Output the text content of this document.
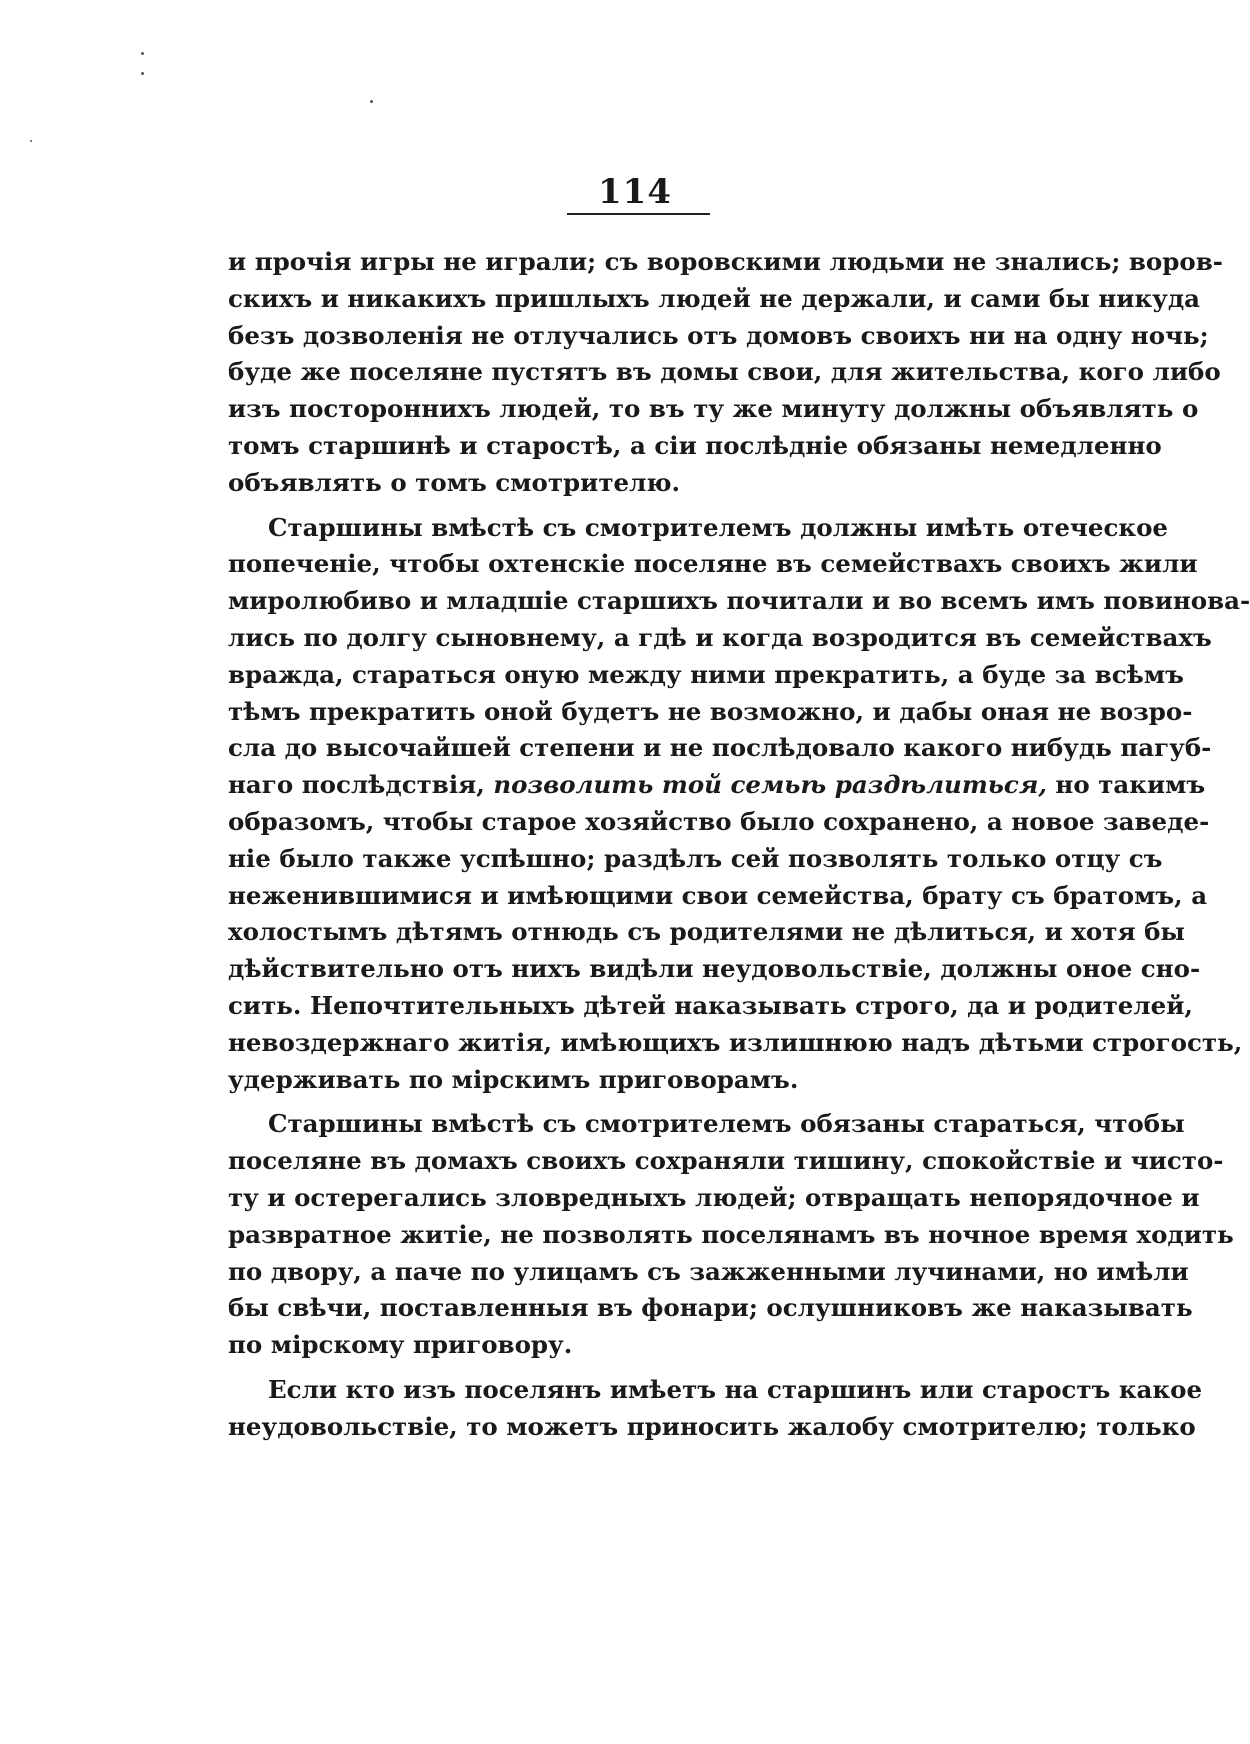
114
и прочія игры не играли; съ воровскими людьми не знались; воров-
скихъ и никакихъ пришлыхъ людей не держали, и сами бы никуда
безъ дозволенія не отлучались отъ домовъ своихъ ни на одну ночь;
буде же поселяне пустятъ въ домы свои, для жительства, кого либо
изъ постороннихъ людей, то въ ту же минуту должны объявлять о
томъ старшинѣ и старостѣ, а сіи послѣдніе обязаны немедленно
объявлять о томъ смотрителю.
Старшины вмѣстѣ съ смотрителемъ должны имѣть отеческое
попеченіе, чтобы охтенскіе поселяне въ семействахъ своихъ жили
миролюбиво и младшіе старшихъ почитали и во всемъ имъ повинова-
лись по долгу сыновнему, а гдѣ и когда возродится въ семействахъ
вражда, стараться оную между ними прекратить, а буде за всѣмъ
тѣмъ прекратить оной будетъ не возможно, и дабы оная не возро-
сла до высочайшей степени и не послѣдовало какого нибудь пагуб-
наго послѣдствія, позволить той семьѣ раздѣлиться, но такимъ
образомъ, чтобы старое хозяйство было сохранено, а новое заведе-
ніе было также успѣшно; раздѣлъ сей позволять только отцу съ
неженившимися и имѣющими свои семейства, брату съ братомъ, а
холостымъ дѣтямъ отнюдь съ родителями не дѣлиться, и хотя бы
дѣйствительно отъ нихъ видѣли неудовольствіе, должны оное сно-
сить. Непочтительныхъ дѣтей наказывать строго, да и родителей,
невоздержнаго житія, имѣющихъ излишнюю надъ дѣтьми строгость,
удерживать по мірскимъ приговорамъ.
Старшины вмѣстѣ съ смотрителемъ обязаны стараться, чтобы
поселяне въ домахъ своихъ сохраняли тишину, спокойствіе и чисто-
ту и остерегались зловредныхъ людей; отвращать непорядочное и
развратное житіе, не позволять поселянамъ въ ночное время ходить
по двору, а паче по улицамъ съ зажженными лучинами, но имѣли
бы свѣчи, поставленныя въ фонари; ослушниковъ же наказывать
по мірскому приговору.
Если кто изъ поселянъ имѣетъ на старшинъ или старостъ какое
неудовольствіе, то можетъ приносить жалобу смотрителю; только
